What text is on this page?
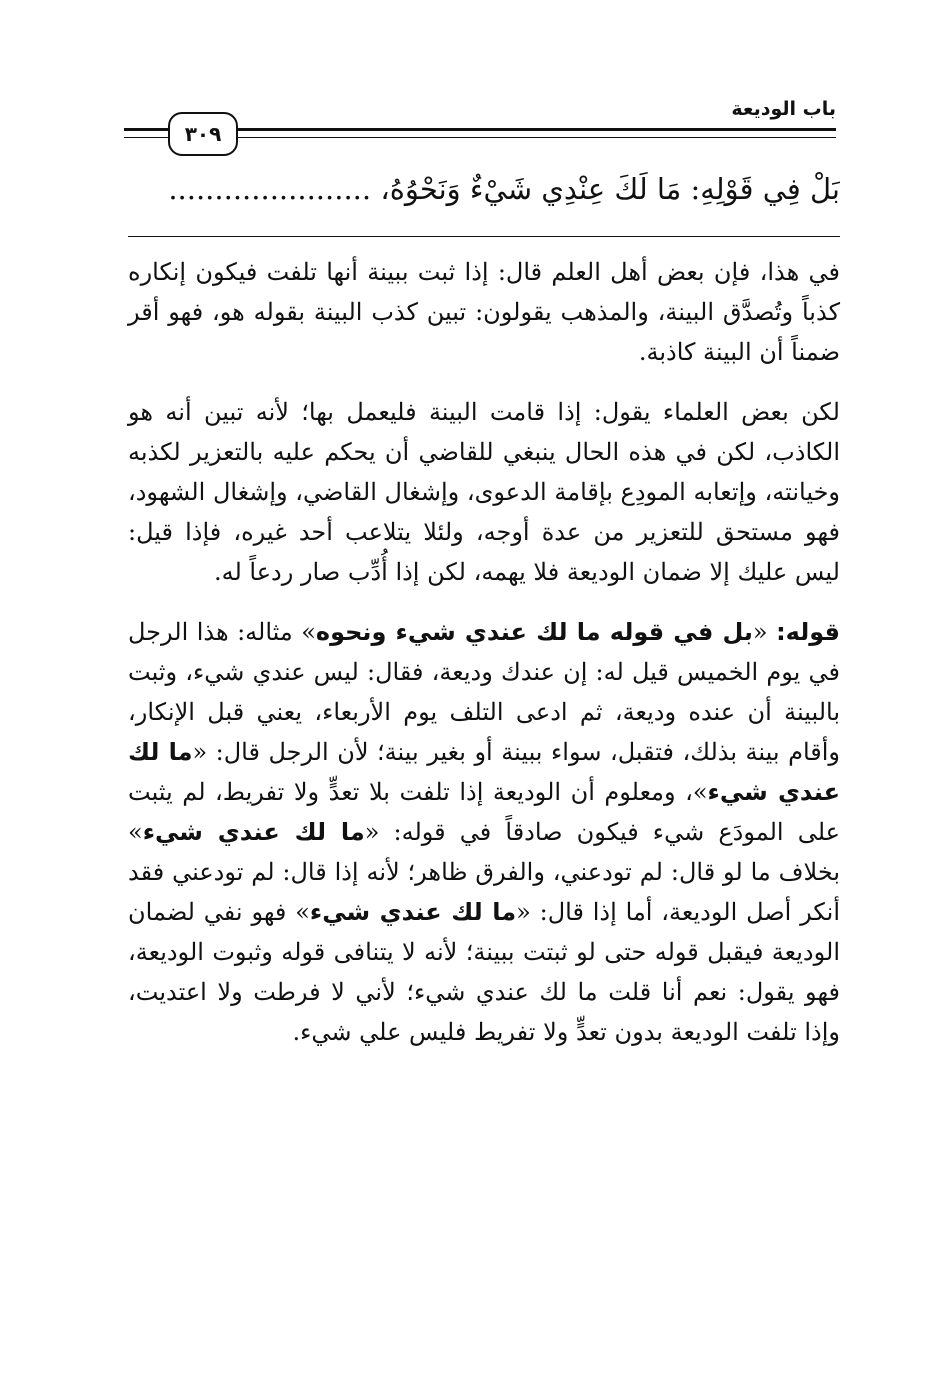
باب الوديعة
٣٠٩
بَلْ فِي قَوْلِهِ: مَا لَكَ عِنْدِي شَيْءٌ وَنَحْوُهُ، ......................

في هذا، فإن بعض أهل العلم قال: إذا ثبت ببينة أنها تلفت فيكون إنكاره كذباً وتُصدَّق البينة، والمذهب يقولون: تبين كذب البينة بقوله هو، فهو أقر ضمناً أن البينة كاذبة.

لكن بعض العلماء يقول: إذا قامت البينة فليعمل بها؛ لأنه تبين أنه هو الكاذب، لكن في هذه الحال ينبغي للقاضي أن يحكم عليه بالتعزير لكذبه وخيانته، وإتعابه المودِع بإقامة الدعوى، وإشغال القاضي، وإشغال الشهود، فهو مستحق للتعزير من عدة أوجه، ولئلا يتلاعب أحد غيره، فإذا قيل: ليس عليك إلا ضمان الوديعة فلا يهمه، لكن إذا أُدِّب صار ردعاً له.

قوله: «بل في قوله ما لك عندي شيء ونحوه» مثاله: هذا الرجل في يوم الخميس قيل له: إن عندك وديعة، فقال: ليس عندي شيء، وثبت بالبينة أن عنده وديعة، ثم ادعى التلف يوم الأربعاء، يعني قبل الإنكار، وأقام بينة بذلك، فتقبل، سواء ببينة أو بغير بينة؛ لأن الرجل قال: «ما لك عندي شيء»، ومعلوم أن الوديعة إذا تلفت بلا تعدٍّ ولا تفريط، لم يثبت على المودَع شيء فيكون صادقاً في قوله: «ما لك عندي شيء» بخلاف ما لو قال: لم تودعني، والفرق ظاهر؛ لأنه إذا قال: لم تودعني فقد أنكر أصل الوديعة، أما إذا قال: «ما لك عندي شيء» فهو نفي لضمان الوديعة فيقبل قوله حتى لو ثبتت ببينة؛ لأنه لا يتنافى قوله وثبوت الوديعة، فهو يقول: نعم أنا قلت ما لك عندي شيء؛ لأني لا فرطت ولا اعتديت، وإذا تلفت الوديعة بدون تعدٍّ ولا تفريط فليس علي شيء.
